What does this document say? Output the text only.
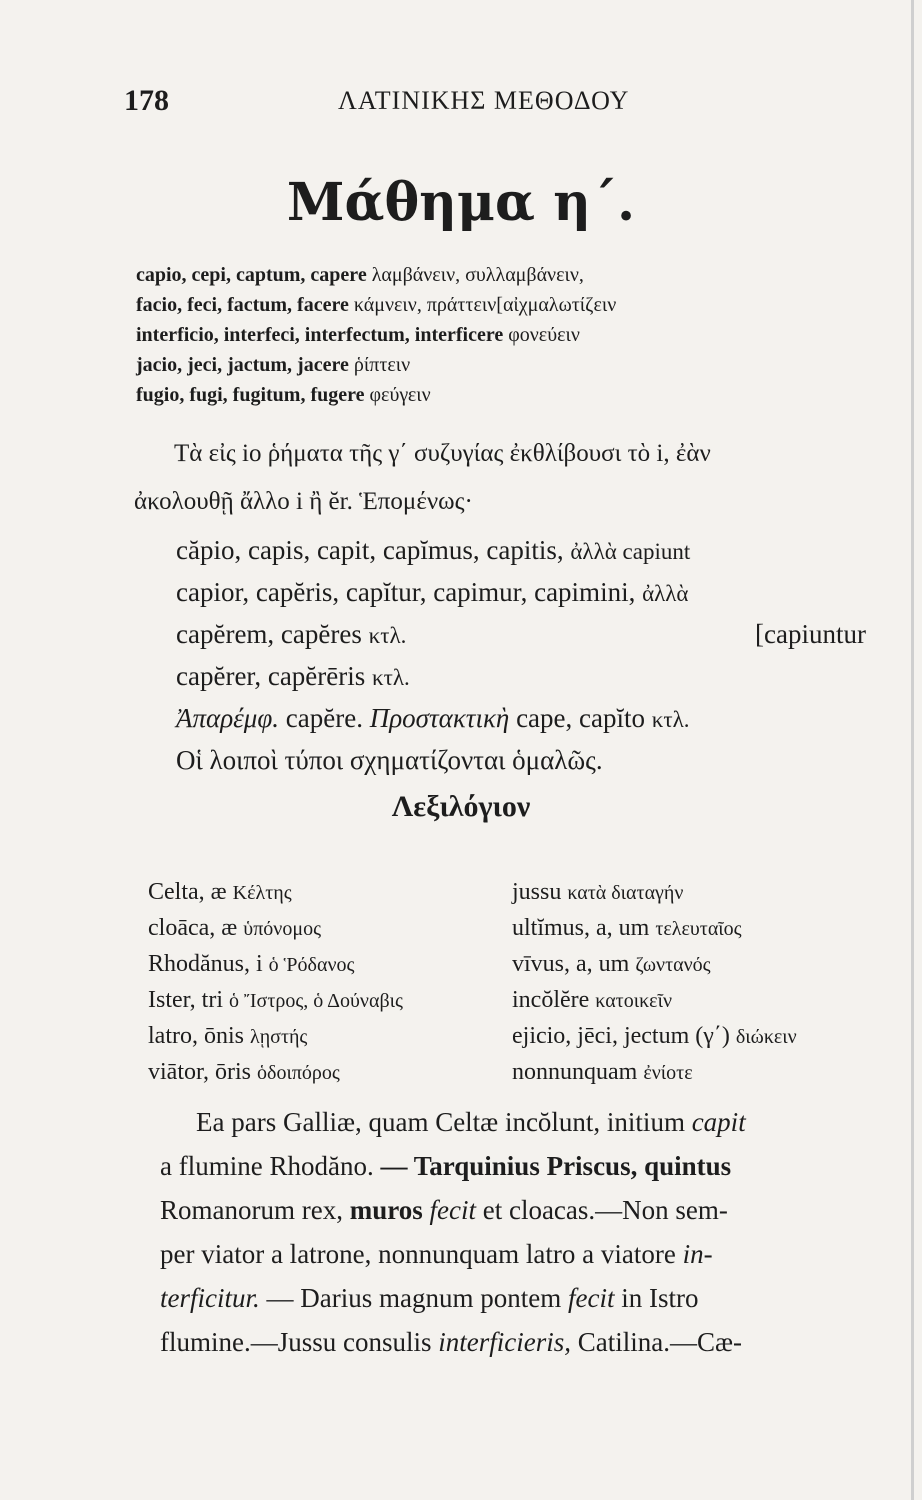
178	ΛΑΤΙΝΙΚΗΣ ΜΕΘΟΔΟΥ
Μάθημα η΄.
capio, cepi, captum, capere λαμβάνειν, συλλαμβάνειν,
facio, feci, factum, facere κάμνειν, πράττειν[αἰχμαλωτίζειν
interficio, interfeci, interfectum, interficere φονεύειν
jacio, jeci, jactum, jacere ῥίπτειν
fugio, fugi, fugitum, fugere φεύγειν
Τὰ εἰς io ῥήματα τῆς γ΄ συζυγίας ἐκθλίβουσι τὸ i, ἐὰν
ἀκολουθῇ ἄλλο i ἢ ĕr. Ἑπομένως·
căpio, capis, capit, capĭmus, capitis, ἀλλὰ capiunt
capior, capĕris, capĭtur, capimur, capimini, ἀλλὰ
capĕrem, capĕres κτλ.	[capiuntur
capĕrer, capĕrēris κτλ.
Ἀπαρέμφ. capĕre. Προστακτικὴ cape, capĭto κτλ.
Οἱ λοιποὶ τύποι σχηματίζονται ὁμαλῶς.
Λεξιλόγιον
Celta, æ Κέλτης	jussu κατὰ διαταγήν
cloāca, æ ὑπόνομος	ultĭmus, a, um τελευταῖος
Rhodănus, i ὁ Ῥόδανος	vīvus, a, um ζωντανός
Ister, tri ὁ Ἴστρος, ὁ Δούναβις	incŏlĕre κατοικεῖν
latro, ōnis λῃστής	ejicio, jēci, jectum (γ΄) διώκειν
viātor, ōris ὁδοιπόρος	nonnunquam ἐνίοτε
Ea pars Galliæ, quam Celtæ incŏlunt, initium capit
a flumine Rhodăno. — Tarquinius Priscus, quintus
Romanorum rex, muros fecit et cloacas.—Non sem-
per viator a latrone, nonnunquam latro a viatore in-
terficitur. — Darius magnum pontem fecit in Istro
flumine.—Jussu consulis interficieris, Catilina.—Cæ-
